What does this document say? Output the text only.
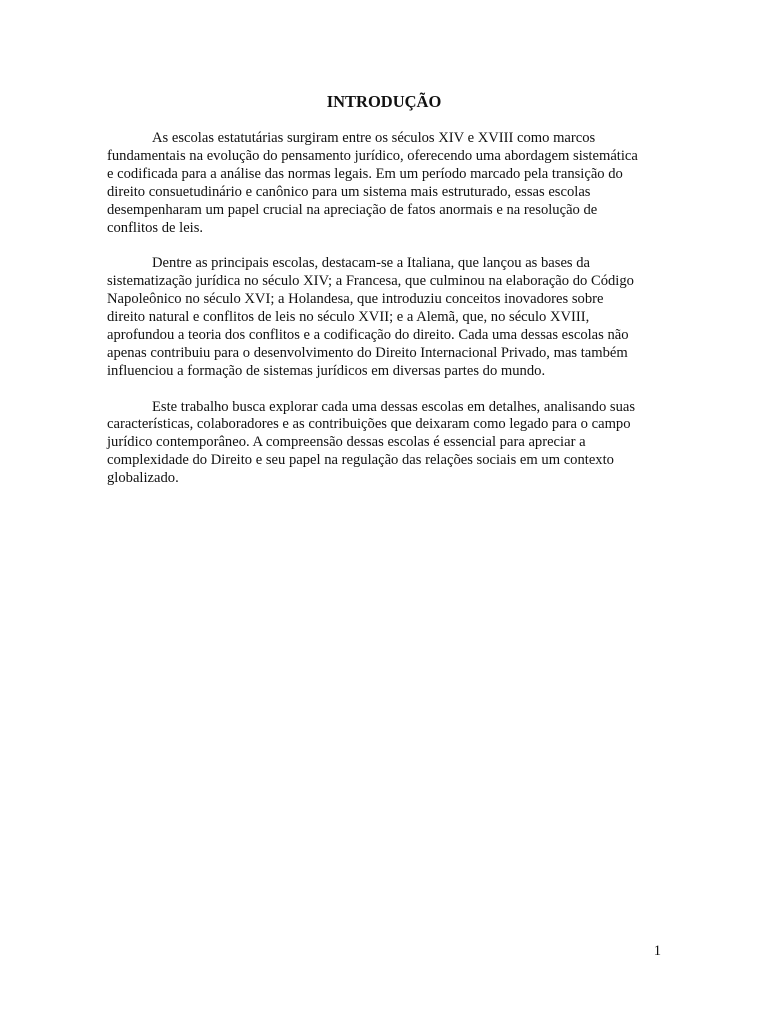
INTRODUÇÃO

As escolas estatutárias surgiram entre os séculos XIV e XVIII como marcos
fundamentais na evolução do pensamento jurídico, oferecendo uma abordagem sistemática
e codificada para a análise das normas legais. Em um período marcado pela transição do
direito consuetudinário e canônico para um sistema mais estruturado, essas escolas
desempenharam um papel crucial na apreciação de fatos anormais e na resolução de
conflitos de leis.

Dentre as principais escolas, destacam-se a Italiana, que lançou as bases da
sistematização jurídica no século XIV; a Francesa, que culminou na elaboração do Código
Napoleônico no século XVI; a Holandesa, que introduziu conceitos inovadores sobre
direito natural e conflitos de leis no século XVII; e a Alemã, que, no século XVIII,
aprofundou a teoria dos conflitos e a codificação do direito. Cada uma dessas escolas não
apenas contribuiu para o desenvolvimento do Direito Internacional Privado, mas também
influenciou a formação de sistemas jurídicos em diversas partes do mundo.

Este trabalho busca explorar cada uma dessas escolas em detalhes, analisando suas
características, colaboradores e as contribuições que deixaram como legado para o campo
jurídico contemporâneo. A compreensão dessas escolas é essencial para apreciar a
complexidade do Direito e seu papel na regulação das relações sociais em um contexto
globalizado.

1
